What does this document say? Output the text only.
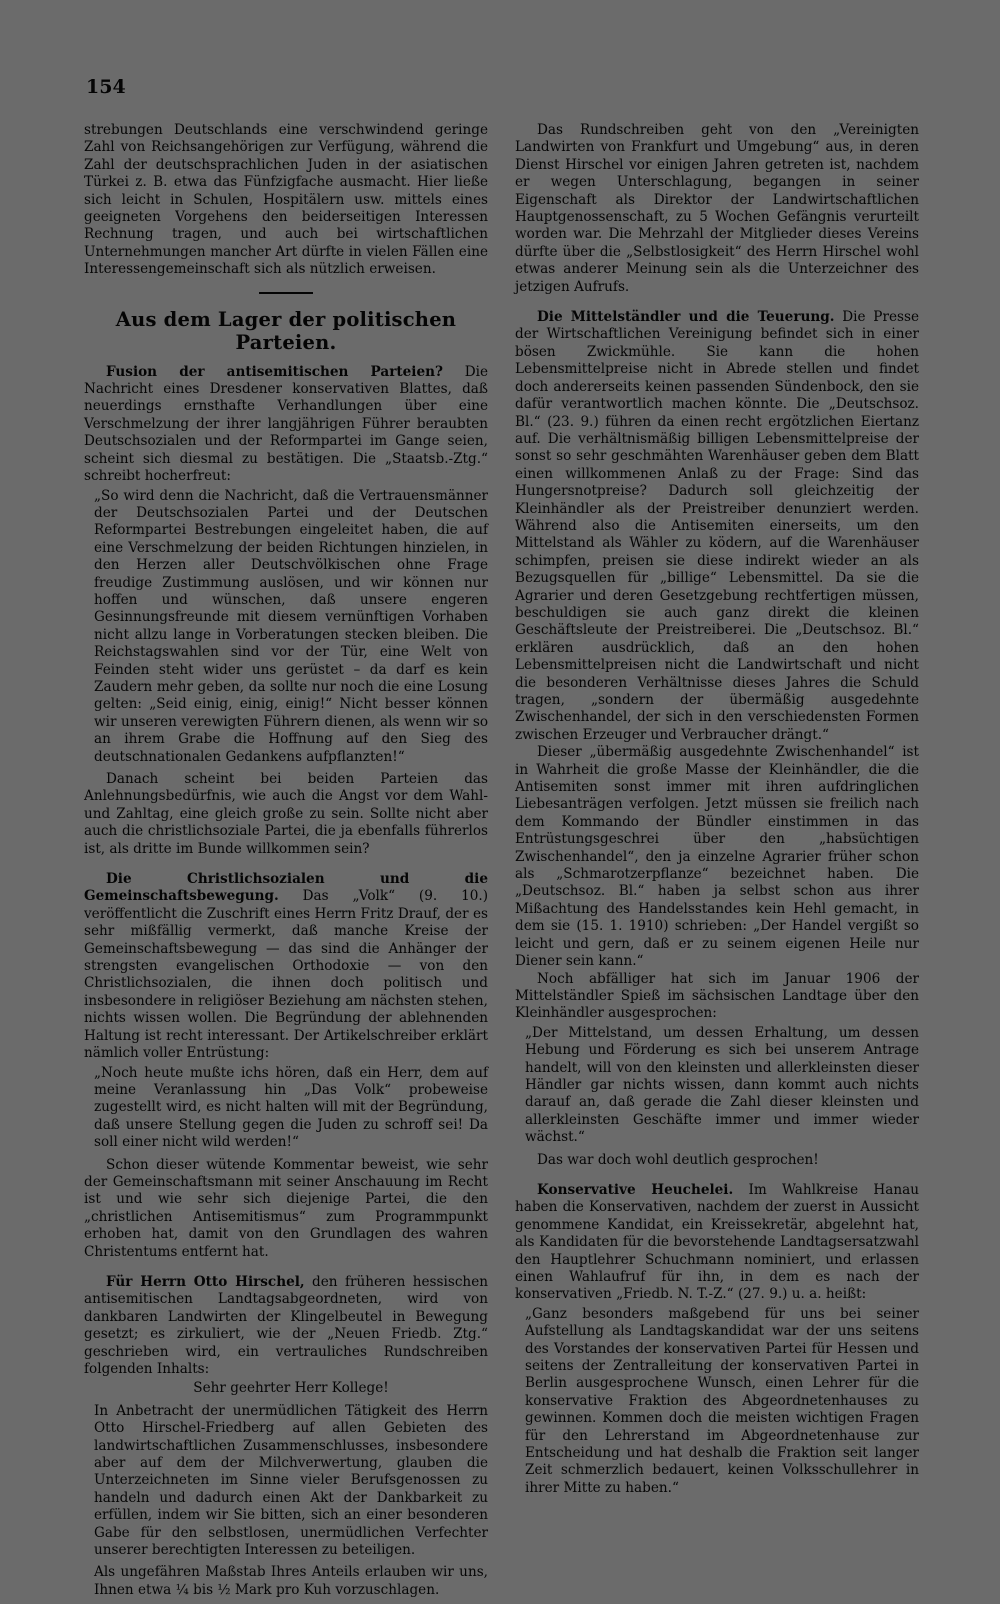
154

strebungen Deutschlands eine verschwindend geringe Zahl von Reichsangehörigen zur Verfügung, während die Zahl der deutschsprachlichen Juden in der asiatischen Türkei z. B. etwa das Fünfzigfache ausmacht. Hier ließe sich leicht in Schulen, Hospitälern usw. mittels eines geeigneten Vorgehens den beiderseitigen Interessen Rechnung tragen, und auch bei wirtschaftlichen Unternehmungen mancher Art dürfte in vielen Fällen eine Interessengemeinschaft sich als nützlich erweisen.

Aus dem Lager der politischen Parteien.

Fusion der antisemitischen Parteien? Die Nachricht eines Dresdener konservativen Blattes, daß neuerdings ernsthafte Verhandlungen über eine Verschmelzung der ihrer langjährigen Führer beraubten Deutschsozialen und der Reformpartei im Gange seien, scheint sich diesmal zu bestätigen. Die „Staatsb.-Ztg.“ schreibt hocherfreut:

„So wird denn die Nachricht, daß die Vertrauensmänner der Deutschsozialen Partei und der Deutschen Reformpartei Bestrebungen eingeleitet haben, die auf eine Verschmelzung der beiden Richtungen hinzielen, in den Herzen aller Deutschvölkischen ohne Frage freudige Zustimmung auslösen, und wir können nur hoffen und wünschen, daß unsere engeren Gesinnungsfreunde mit diesem vernünftigen Vorhaben nicht allzu lange in Vorberatungen stecken bleiben. Die Reichstagswahlen sind vor der Tür, eine Welt von Feinden steht wider uns gerüstet – da darf es kein Zaudern mehr geben, da sollte nur noch die eine Losung gelten: „Seid einig, einig, einig!“ Nicht besser können wir unseren verewigten Führern dienen, als wenn wir so an ihrem Grabe die Hoffnung auf den Sieg des deutschnationalen Gedankens aufpflanzten!“

Danach scheint bei beiden Parteien das Anlehnungsbedürfnis, wie auch die Angst vor dem Wahl- und Zahltag, eine gleich große zu sein. Sollte nicht aber auch die christlichsoziale Partei, die ja ebenfalls führerlos ist, als dritte im Bunde willkommen sein?

Die Christlichsozialen und die Gemeinschaftsbewegung. Das „Volk“ (9. 10.) veröffentlicht die Zuschrift eines Herrn Fritz Drauf, der es sehr mißfällig vermerkt, daß manche Kreise der Gemeinschaftsbewegung — das sind die Anhänger der strengsten evangelischen Orthodoxie — von den Christlichsozialen, die ihnen doch politisch und insbesondere in religiöser Beziehung am nächsten stehen, nichts wissen wollen. Die Begründung der ablehnenden Haltung ist recht interessant. Der Artikelschreiber erklärt nämlich voller Entrüstung:

„Noch heute mußte ichs hören, daß ein Herr, dem auf meine Veranlassung hin „Das Volk“ probeweise zugestellt wird, es nicht halten will mit der Begründung, daß unsere Stellung gegen die Juden zu schroff sei! Da soll einer nicht wild werden!“

Schon dieser wütende Kommentar beweist, wie sehr der Gemeinschaftsmann mit seiner Anschauung im Recht ist und wie sehr sich diejenige Partei, die den „christlichen Antisemitismus“ zum Programmpunkt erhoben hat, damit von den Grundlagen des wahren Christentums entfernt hat.

Für Herrn Otto Hirschel, den früheren hessischen antisemitischen Landtagsabgeordneten, wird von dankbaren Landwirten der Klingelbeutel in Bewegung gesetzt; es zirkuliert, wie der „Neuen Friedb. Ztg.“ geschrieben wird, ein vertrauliches Rundschreiben folgenden Inhalts:

Sehr geehrter Herr Kollege!

In Anbetracht der unermüdlichen Tätigkeit des Herrn Otto Hirschel-Friedberg auf allen Gebieten des landwirtschaftlichen Zusammenschlusses, insbesondere aber auf dem der Milchverwertung, glauben die Unterzeichneten im Sinne vieler Berufsgenossen zu handeln und dadurch einen Akt der Dankbarkeit zu erfüllen, indem wir Sie bitten, sich an einer besonderen Gabe für den selbstlosen, unermüdlichen Verfechter unserer berechtigten Interessen zu beteiligen.

Als ungefähren Maßstab Ihres Anteils erlauben wir uns, Ihnen etwa ¼ bis ½ Mark pro Kuh vorzuschlagen.

Das Rundschreiben geht von den „Vereinigten Landwirten von Frankfurt und Umgebung“ aus, in deren Dienst Hirschel vor einigen Jahren getreten ist, nachdem er wegen Unterschlagung, begangen in seiner Eigenschaft als Direktor der Landwirtschaftlichen Hauptgenossenschaft, zu 5 Wochen Gefängnis verurteilt worden war. Die Mehrzahl der Mitglieder dieses Vereins dürfte über die „Selbstlosigkeit“ des Herrn Hirschel wohl etwas anderer Meinung sein als die Unterzeichner des jetzigen Aufrufs.

Die Mittelständler und die Teuerung. Die Presse der Wirtschaftlichen Vereinigung befindet sich in einer bösen Zwickmühle. Sie kann die hohen Lebensmittelpreise nicht in Abrede stellen und findet doch andererseits keinen passenden Sündenbock, den sie dafür verantwortlich machen könnte. Die „Deutschsoz. Bl.“ (23. 9.) führen da einen recht ergötzlichen Eiertanz auf. Die verhältnismäßig billigen Lebensmittelpreise der sonst so sehr geschmähten Warenhäuser geben dem Blatt einen willkommenen Anlaß zu der Frage: Sind das Hungersnotpreise? Dadurch soll gleichzeitig der Kleinhändler als der Preistreiber denunziert werden. Während also die Antisemiten einerseits, um den Mittelstand als Wähler zu ködern, auf die Warenhäuser schimpfen, preisen sie diese indirekt wieder an als Bezugsquellen für „billige“ Lebensmittel. Da sie die Agrarier und deren Gesetzgebung rechtfertigen müssen, beschuldigen sie auch ganz direkt die kleinen Geschäftsleute der Preistreiberei. Die „Deutschsoz. Bl.“ erklären ausdrücklich, daß an den hohen Lebensmittelpreisen nicht die Landwirtschaft und nicht die besonderen Verhältnisse dieses Jahres die Schuld tragen, „sondern der übermäßig ausgedehnte Zwischenhandel, der sich in den verschiedensten Formen zwischen Erzeuger und Verbraucher drängt.“

Dieser „übermäßig ausgedehnte Zwischenhandel“ ist in Wahrheit die große Masse der Kleinhändler, die die Antisemiten sonst immer mit ihren aufdringlichen Liebesanträgen verfolgen. Jetzt müssen sie freilich nach dem Kommando der Bündler einstimmen in das Entrüstungsgeschrei über den „habsüchtigen Zwischenhandel“, den ja einzelne Agrarier früher schon als „Schmarotzerpflanze“ bezeichnet haben. Die „Deutschsoz. Bl.“ haben ja selbst schon aus ihrer Mißachtung des Handelsstandes kein Hehl gemacht, in dem sie (15. 1. 1910) schrieben: „Der Handel vergißt so leicht und gern, daß er zu seinem eigenen Heile nur Diener sein kann.“

Noch abfälliger hat sich im Januar 1906 der Mittelständler Spieß im sächsischen Landtage über den Kleinhändler ausgesprochen:

„Der Mittelstand, um dessen Erhaltung, um dessen Hebung und Förderung es sich bei unserem Antrage handelt, will von den kleinsten und allerkleinsten dieser Händler gar nichts wissen, dann kommt auch nichts darauf an, daß gerade die Zahl dieser kleinsten und allerkleinsten Geschäfte immer und immer wieder wächst.“

Das war doch wohl deutlich gesprochen!

Konservative Heuchelei. Im Wahlkreise Hanau haben die Konservativen, nachdem der zuerst in Aussicht genommene Kandidat, ein Kreissekretär, abgelehnt hat, als Kandidaten für die bevorstehende Landtagsersatzwahl den Hauptlehrer Schuchmann nominiert, und erlassen einen Wahlaufruf für ihn, in dem es nach der konservativen „Friedb. N. T.-Z.“ (27. 9.) u. a. heißt:

„Ganz besonders maßgebend für uns bei seiner Aufstellung als Landtagskandidat war der uns seitens des Vorstandes der konservativen Partei für Hessen und seitens der Zentralleitung der konservativen Partei in Berlin ausgesprochene Wunsch, einen Lehrer für die konservative Fraktion des Abgeordnetenhauses zu gewinnen. Kommen doch die meisten wichtigen Fragen für den Lehrerstand im Abgeordnetenhause zur Entscheidung und hat deshalb die Fraktion seit langer Zeit schmerzlich bedauert, keinen Volksschullehrer in ihrer Mitte zu haben.“
